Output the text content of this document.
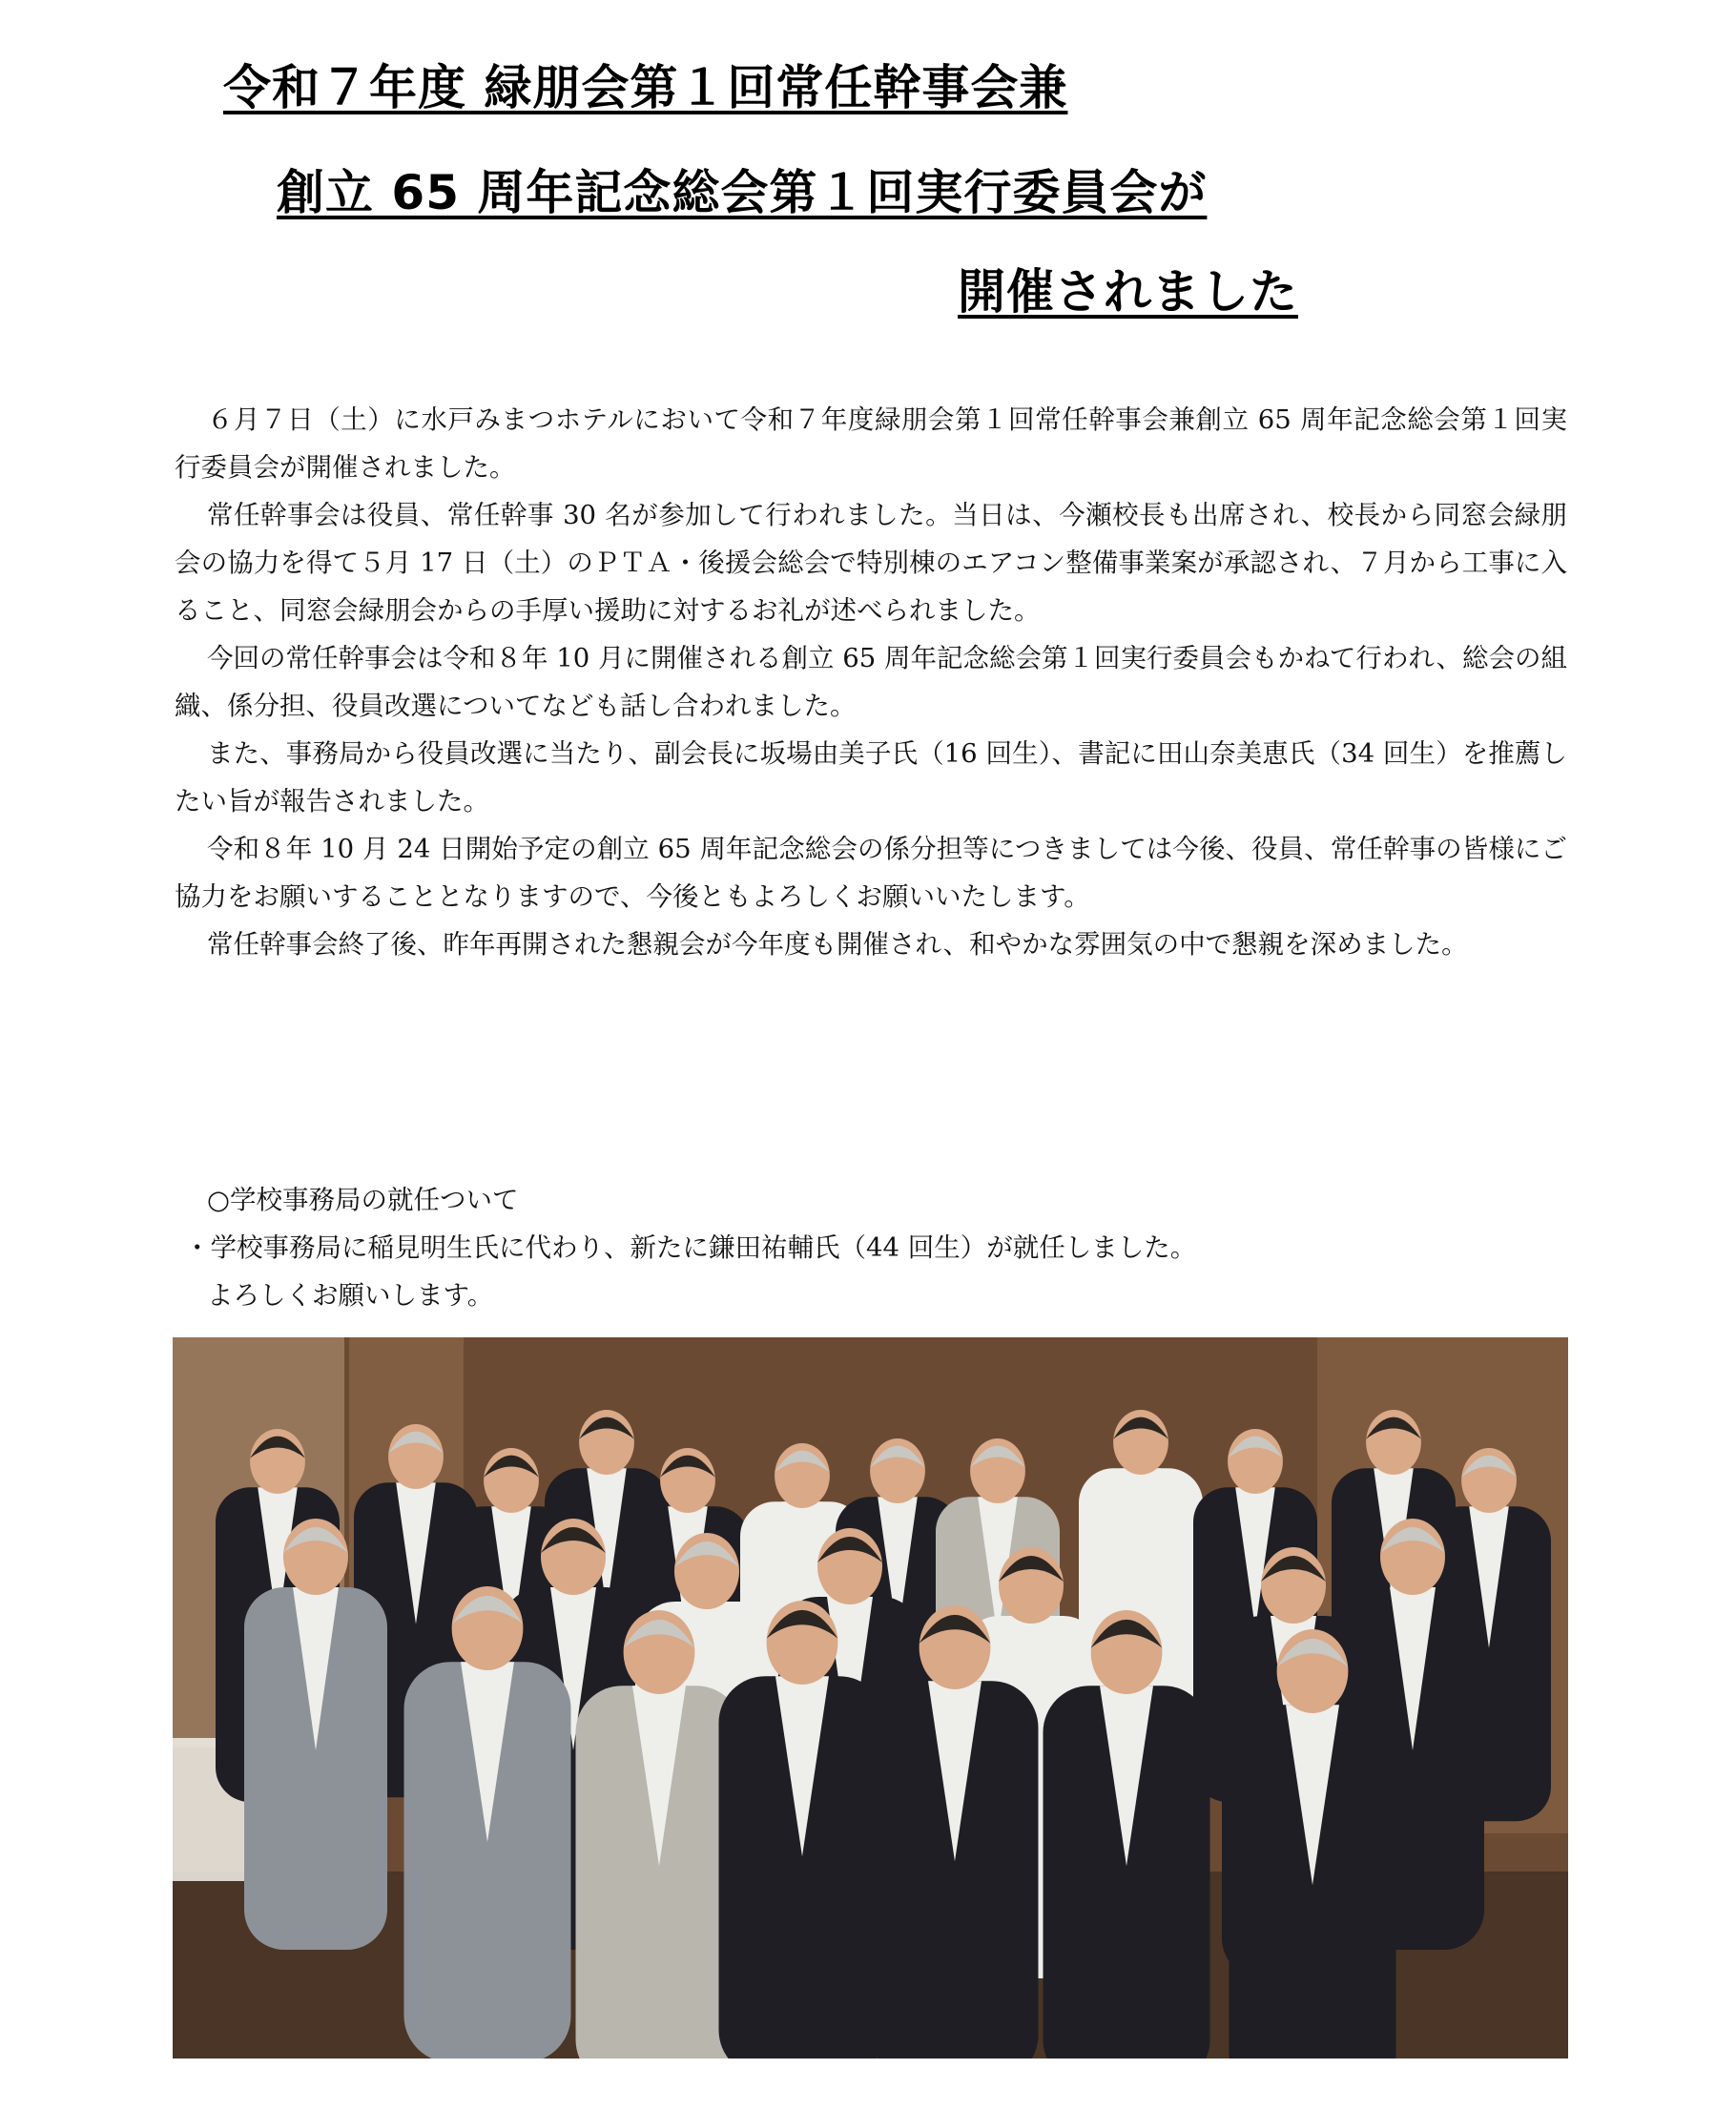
令和７年度 緑朋会第１回常任幹事会兼
創立 65 周年記念総会第１回実行委員会が
開催されました

６月７日（土）に水戸みまつホテルにおいて令和７年度緑朋会第１回常任幹事会兼創立 65 周年記念総会第１回実行委員会が開催されました。

常任幹事会は役員、常任幹事 30 名が参加して行われました。当日は、今瀬校長も出席され、校長から同窓会緑朋会の協力を得て５月 17 日（土）のＰＴＡ・後援会総会で特別棟のエアコン整備事業案が承認され、７月から工事に入ること、同窓会緑朋会からの手厚い援助に対するお礼が述べられました。

今回の常任幹事会は令和８年 10 月に開催される創立 65 周年記念総会第１回実行委員会もかねて行われ、総会の組織、係分担、役員改選についてなども話し合われました。

また、事務局から役員改選に当たり、副会長に坂場由美子氏（16 回生）、書記に田山奈美恵氏（34 回生）を推薦したい旨が報告されました。

令和８年 10 月 24 日開始予定の創立 65 周年記念総会の係分担等につきましては今後、役員、常任幹事の皆様にご協力をお願いすることとなりますので、今後ともよろしくお願いいたします。

常任幹事会終了後、昨年再開された懇親会が今年度も開催され、和やかな雰囲気の中で懇親を深めました。

○学校事務局の就任ついて

・学校事務局に稲見明生氏に代わり、新たに鎌田祐輔氏（44 回生）が就任しました。

よろしくお願いします。
